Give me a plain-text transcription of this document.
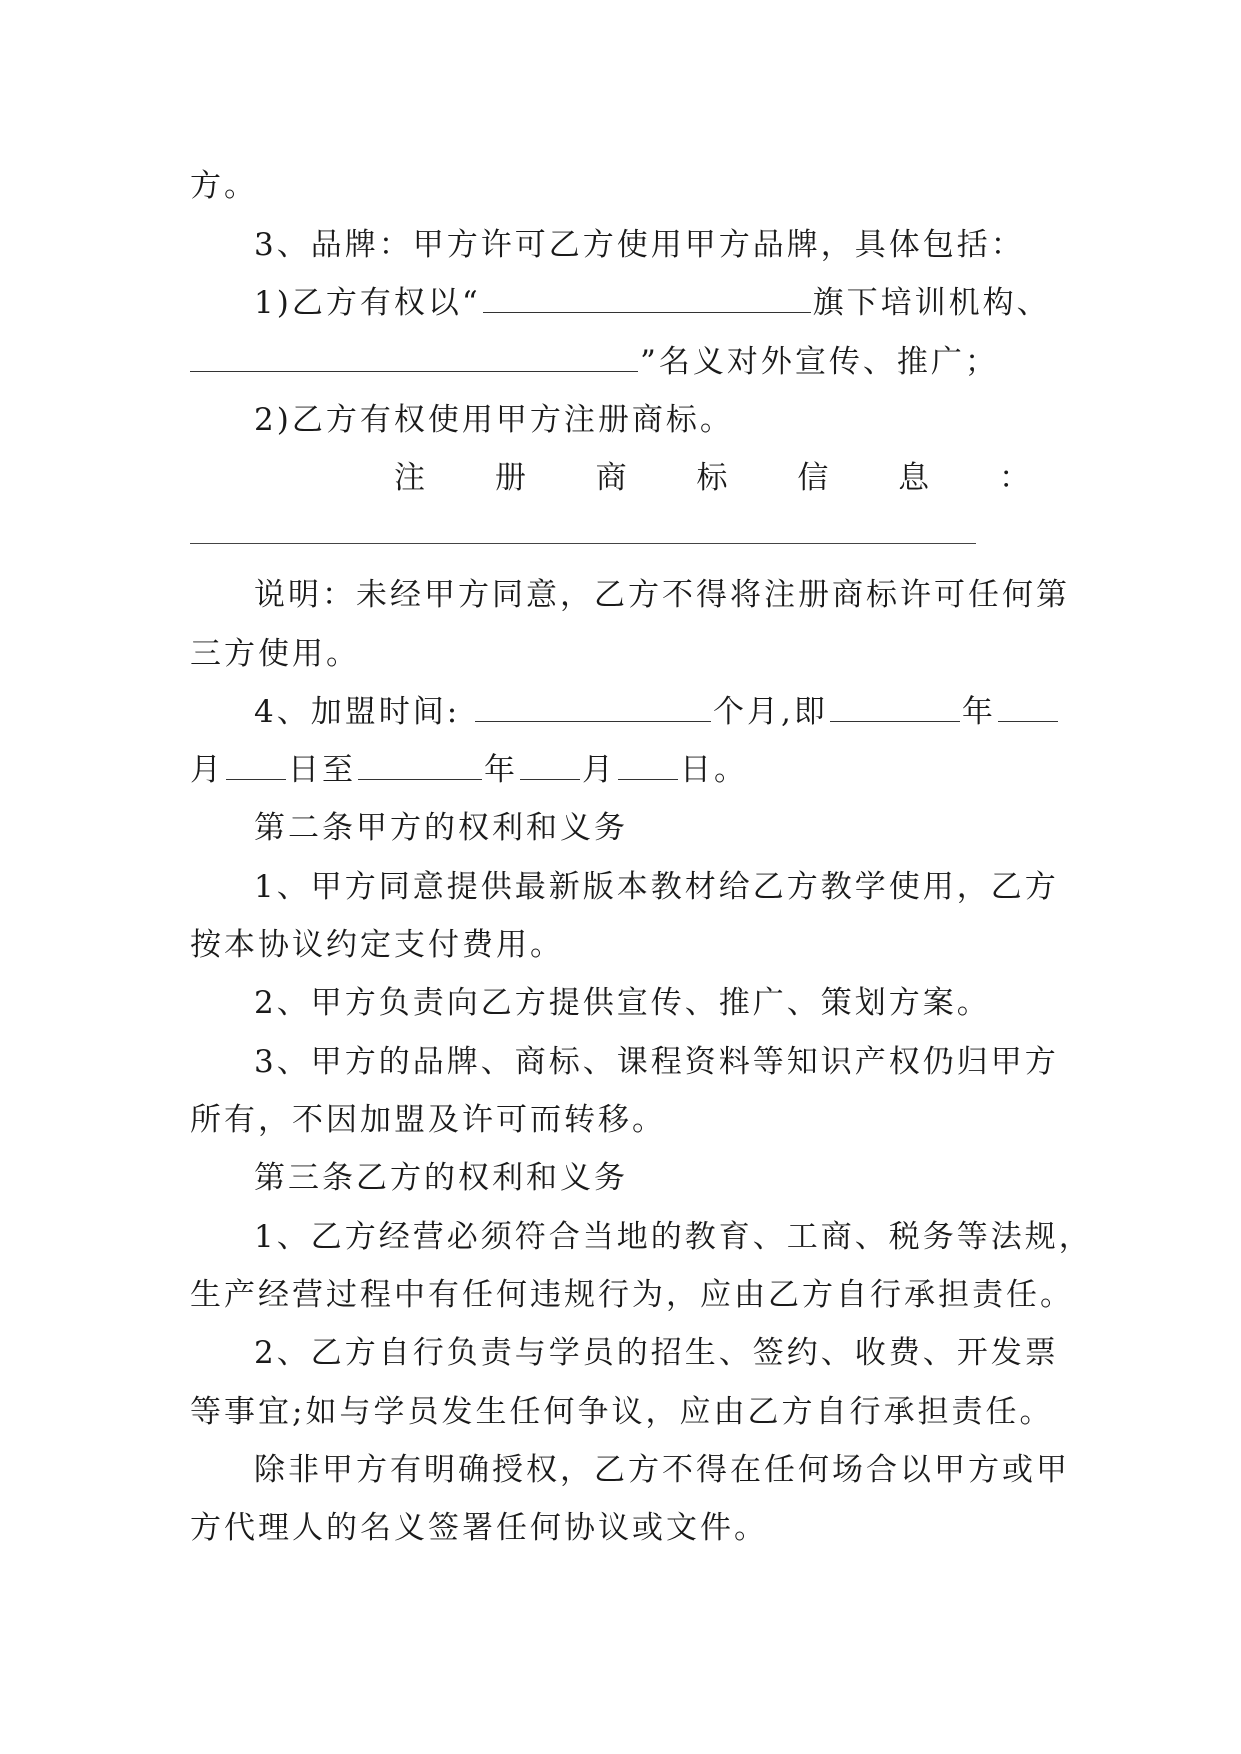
方。
3、品牌：甲方许可乙方使用甲方品牌，具体包括：
1)乙方有权以“	旗下培训机构、
”名义对外宣传、推广；
2)乙方有权使用甲方注册商标。
注 册 商 标 信 息 ：
说明：未经甲方同意，乙方不得将注册商标许可任何第
三方使用。
4、加盟时间:	个月,即	年
月 日至	年 月 日。
第二条甲方的权利和义务
1、甲方同意提供最新版本教材给乙方教学使用，乙方
按本协议约定支付费用。
2、甲方负责向乙方提供宣传、推广、策划方案。
3、甲方的品牌、商标、课程资料等知识产权仍归甲方
所有，不因加盟及许可而转移。
第三条乙方的权利和义务
1、乙方经营必须符合当地的教育、工商、税务等法规，
生产经营过程中有任何违规行为，应由乙方自行承担责任。
2、乙方自行负责与学员的招生、签约、收费、开发票
等事宜;如与学员发生任何争议，应由乙方自行承担责任。
除非甲方有明确授权，乙方不得在任何场合以甲方或甲
方代理人的名义签署任何协议或文件。
